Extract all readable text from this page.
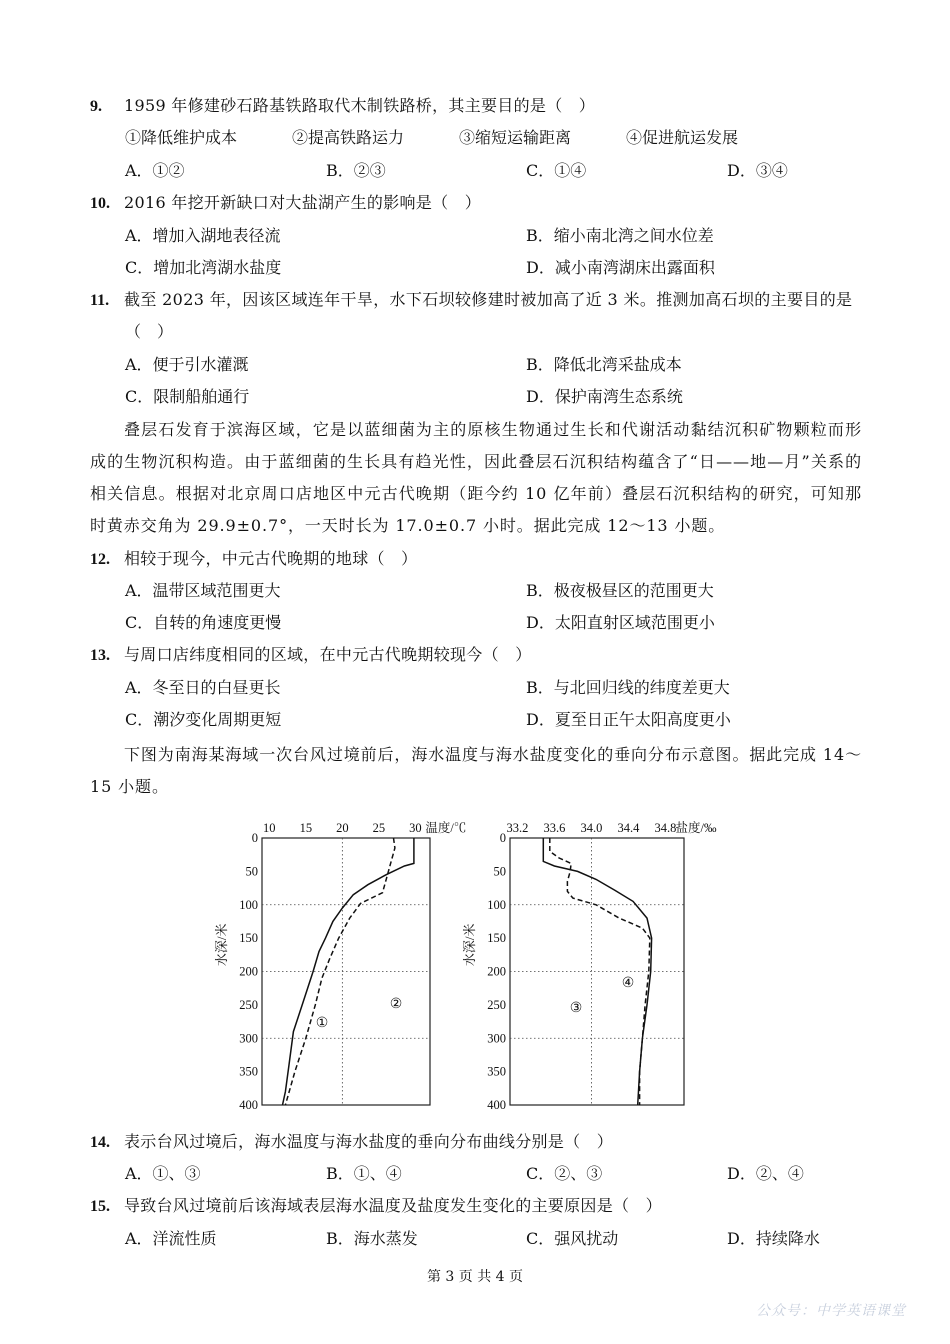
9. 1959 年修建砂石路基铁路取代木制铁路桥，其主要目的是（　）
①降低维护成本	②提高铁路运力	③缩短运输距离	④促进航运发展
A．①②	B．②③	C．①④	D．③④
10. 2016 年挖开新缺口对大盐湖产生的影响是（　）
A．增加入湖地表径流	B．缩小南北湾之间水位差
C．增加北湾湖水盐度	D．减小南湾湖床出露面积
11. 截至 2023 年，因该区域连年干旱，水下石坝较修建时被加高了近 3 米。推测加高石坝的主要目的是
（　）
A．便于引水灌溉	B．降低北湾采盐成本
C．限制船舶通行	D．保护南湾生态系统
叠层石发育于滨海区域，它是以蓝细菌为主的原核生物通过生长和代谢活动黏结沉积矿物颗粒而形成的生物沉积构造。由于蓝细菌的生长具有趋光性，因此叠层石沉积结构蕴含了“日——地—月”关系的相关信息。根据对北京周口店地区中元古代晚期（距今约 10 亿年前）叠层石沉积结构的研究，可知那时黄赤交角为 29.9±0.7°，一天时长为 17.0±0.7 小时。据此完成 12～13 小题。
12. 相较于现今，中元古代晚期的地球（　）
A．温带区域范围更大	B．极夜极昼区的范围更大
C．自转的角速度更慢	D．太阳直射区域范围更小
13. 与周口店纬度相同的区域，在中元古代晚期较现今（　）
A．冬至日的白昼更长	B．与北回归线的纬度差更大
C．潮汐变化周期更短	D．夏至日正午太阳高度更小
下图为南海某海域一次台风过境前后，海水温度与海水盐度变化的垂向分布示意图。据此完成 14～15 小题。
10 15 20 25 30 温度/℃
0
50
100
150
200
250
300
350
400
水深/米
①
②
33.2 33.6 34.0 34.4 34.8 盐度/‰
0
50
100
150
200
250
300
350
400
水深/米
③
④
14. 表示台风过境后，海水温度与海水盐度的垂向分布曲线分别是（　）
A．①、③	B．①、④	C．②、③	D．②、④
15. 导致台风过境前后该海域表层海水温度及盐度发生变化的主要原因是（　）
A．洋流性质	B．海水蒸发	C．强风扰动	D．持续降水
第 3 页 共 4 页
公众号：中学英语课堂
